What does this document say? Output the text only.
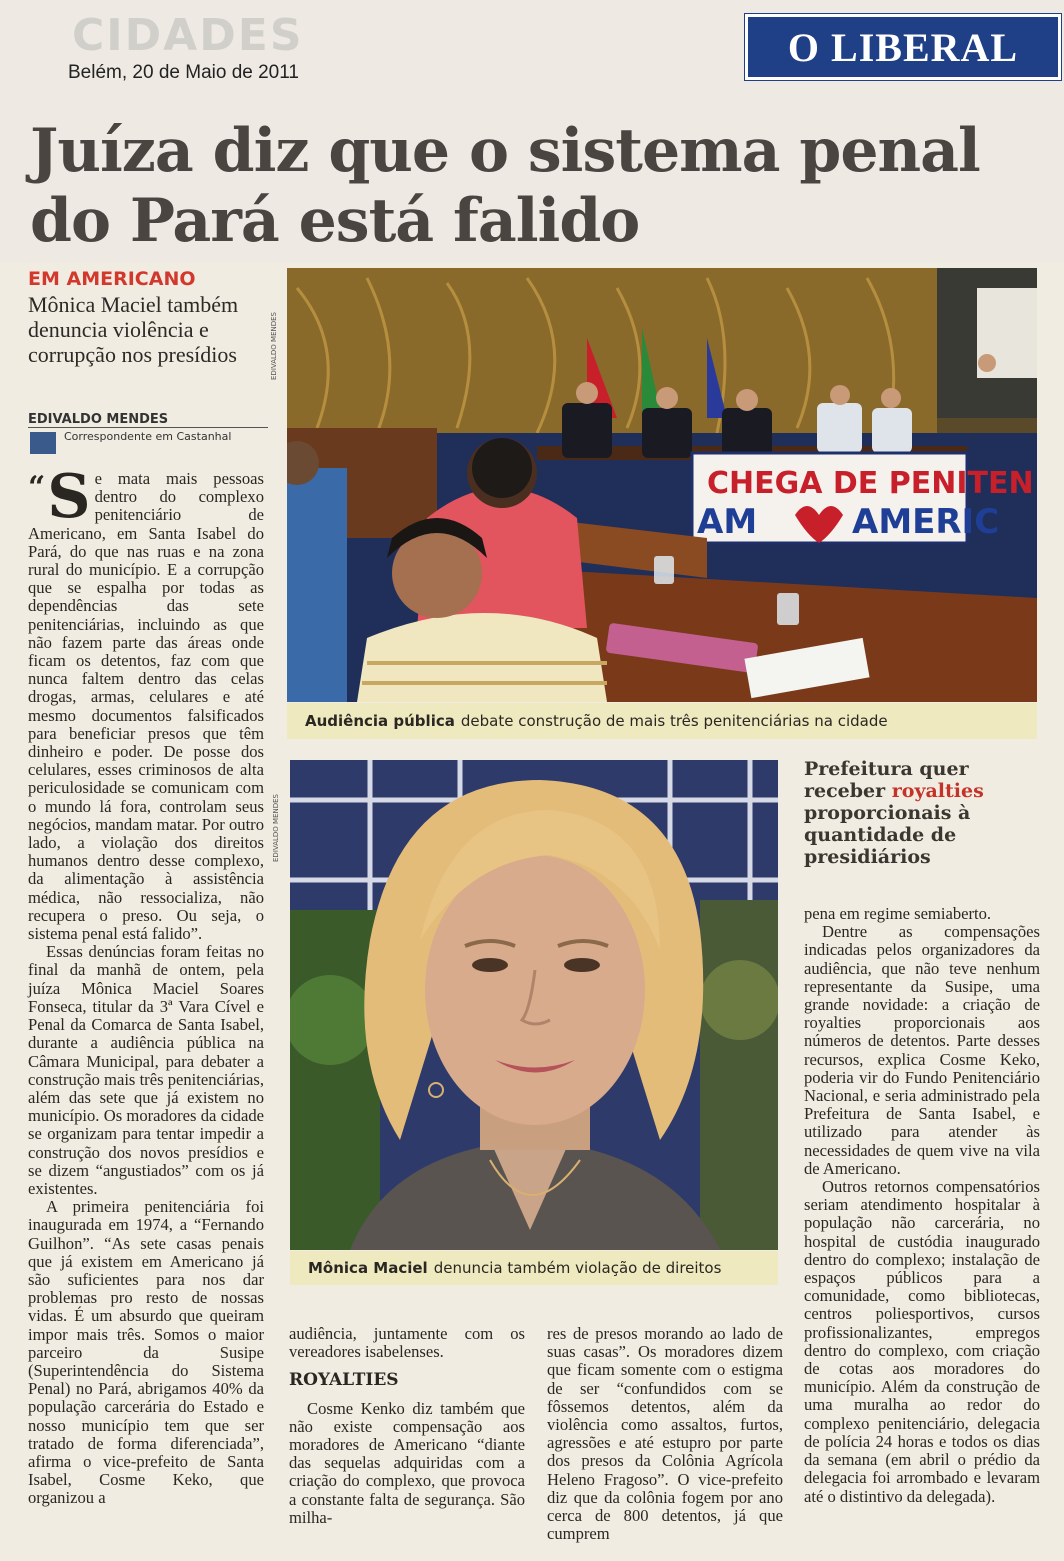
CIDADES
Belém, 20 de Maio de 2011
O LIBERAL
Juíza diz que o sistema penal do Pará está falido
EM AMERICANO
Mônica Maciel também denuncia violência e corrupção nos presídios
EDIVALDO MENDES
Correspondente em Castanhal
EDIVALDO MENDES
EDIVALDO MENDES
CHEGA DE PENITEN
AM	AMERIC
Audiência pública debate construção de mais três penitenciárias na cidade
Mônica Maciel denuncia também violação de direitos
Prefeitura quer
receber royalties
proporcionais à
quantidade de
presidiários

“ S e mata mais pessoas dentro do complexo penitenciário de Americano, em Santa Isabel do Pará, do que nas ruas e na zona rural do município. E a corrupção que se espalha por todas as dependências das sete penitenciárias, incluindo as que não fazem parte das áreas onde ficam os detentos, faz com que nunca faltem dentro das celas drogas, armas, celulares e até mesmo documentos falsificados para beneficiar presos que têm dinheiro e poder. De posse dos celulares, esses criminosos de alta periculosidade se comunicam com o mundo lá fora, controlam seus negócios, mandam matar. Por outro lado, a violação dos direitos humanos dentro desse complexo, da alimentação à assistência médica, não ressocializa, não recupera o preso. Ou seja, o sistema penal está falido”.

Essas denúncias foram feitas no final da manhã de ontem, pela juíza Mônica Maciel Soares Fonseca, titular da 3ª Vara Cível e Penal da Comarca de Santa Isabel, durante a audiência pública na Câmara Municipal, para debater a construção mais três penitenciárias, além das sete que já existem no município. Os moradores da cidade se organizam para tentar impedir a construção dos novos presídios e se dizem “angustiados” com os já existentes.

A primeira penitenciária foi inaugurada em 1974, a “Fernando Guilhon”. “As sete casas penais que já existem em Americano já são suficientes para nos dar problemas pro resto de nossas vidas. É um absurdo que queiram impor mais três. Somos o maior parceiro da Susipe (Superintendência do Sistema Penal) no Pará, abrigamos 40% da população carcerária do Estado e nosso município tem que ser tratado de forma diferenciada”, afirma o vice-prefeito de Santa Isabel, Cosme Keko, que organizou a

audiência, juntamente com os vereadores isabelenses.

ROYALTIES

Cosme Kenko diz também que não existe compensação aos moradores de Americano “diante das sequelas adquiridas com a criação do complexo, que provoca a constante falta de segurança. São milha-

res de presos morando ao lado de suas casas”. Os moradores dizem que ficam somente com o estigma de ser “confundidos com se fôssemos detentos, além da violência como assaltos, furtos, agressões e até estupro por parte dos presos da Colônia Agrícola Heleno Fragoso”. O vice-prefeito diz que da colônia fogem por ano cerca de 800 detentos, já que cumprem

pena em regime semiaberto.

Dentre as compensações indicadas pelos organizadores da audiência, que não teve nenhum representante da Susipe, uma grande novidade: a criação de royalties proporcionais aos números de detentos. Parte desses recursos, explica Cosme Keko, poderia vir do Fundo Penitenciário Nacional, e seria administrado pela Prefeitura de Santa Isabel, e utilizado para atender às necessidades de quem vive na vila de Americano.

Outros retornos compensatórios seriam atendimento hospitalar à população não carcerária, no hospital de custódia inaugurado dentro do complexo; instalação de espaços públicos para a comunidade, como bibliotecas, centros poliesportivos, cursos profissionalizantes, empregos dentro do complexo, com criação de cotas aos moradores do município. Além da construção de uma muralha ao redor do complexo penitenciário, delegacia de polícia 24 horas e todos os dias da semana (em abril o prédio da delegacia foi arrombado e levaram até o distintivo da delegada).
